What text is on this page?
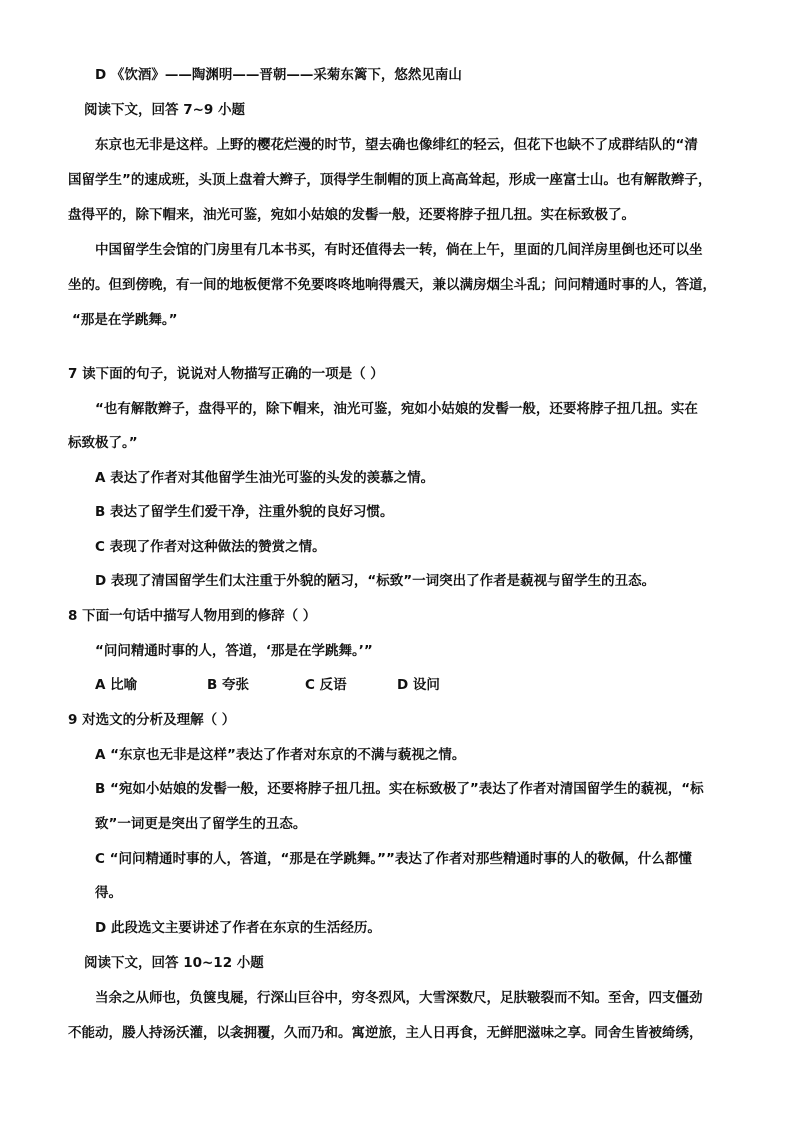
D 《饮酒》——陶渊明——晋朝——采菊东篱下，悠然见南山
阅读下文，回答 7~9 小题
东京也无非是这样。上野的樱花烂漫的时节，望去确也像绯红的轻云，但花下也缺不了成群结队的“清
国留学生”的速成班，头顶上盘着大辫子，顶得学生制帽的顶上高高耸起，形成一座富士山。也有解散辫子，
盘得平的，除下帽来，油光可鉴，宛如小姑娘的发髻一般，还要将脖子扭几扭。实在标致极了。
中国留学生会馆的门房里有几本书买，有时还值得去一转，倘在上午，里面的几间洋房里倒也还可以坐
坐的。但到傍晚，有一间的地板便常不免要咚咚地响得震天，兼以满房烟尘斗乱；问问精通时事的人，答道，
“那是在学跳舞。”
7 读下面的句子，说说对人物描写正确的一项是（ ）
“也有解散辫子，盘得平的，除下帽来，油光可鉴，宛如小姑娘的发髻一般，还要将脖子扭几扭。实在
标致极了。”
A 表达了作者对其他留学生油光可鉴的头发的羡慕之情。
B 表达了留学生们爱干净，注重外貌的良好习惯。
C 表现了作者对这种做法的赞赏之情。
D 表现了清国留学生们太注重于外貌的陋习，“标致”一词突出了作者是藐视与留学生的丑态。
8 下面一句话中描写人物用到的修辞（ ）
“问问精通时事的人，答道，‘那是在学跳舞。’”
A 比喻	B 夸张	C 反语	D 设问
9 对选文的分析及理解（ ）
A “东京也无非是这样”表达了作者对东京的不满与藐视之情。
B “宛如小姑娘的发髻一般，还要将脖子扭几扭。实在标致极了”表达了作者对清国留学生的藐视，“标
致”一词更是突出了留学生的丑态。
C “问问精通时事的人，答道，“那是在学跳舞。””表达了作者对那些精通时事的人的敬佩，什么都懂
得。
D 此段选文主要讲述了作者在东京的生活经历。
阅读下文，回答 10~12 小题
当余之从师也，负箧曳屣，行深山巨谷中，穷冬烈风，大雪深数尺，足肤皲裂而不知。至舍，四支僵劲
不能动，媵人持汤沃灌，以衾拥覆，久而乃和。寓逆旅，主人日再食，无鲜肥滋味之享。同舍生皆被绮绣，
